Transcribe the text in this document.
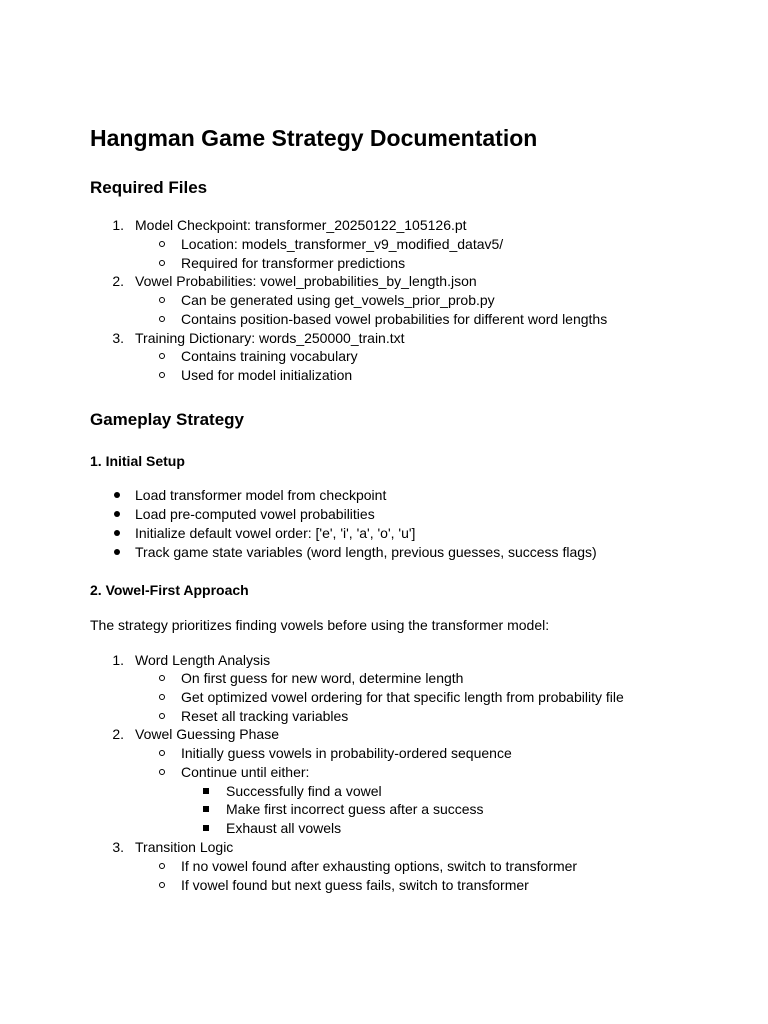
Hangman Game Strategy Documentation
Required Files
1. Model Checkpoint: transformer_20250122_105126.pt
Location: models_transformer_v9_modified_datav5/
Required for transformer predictions
2. Vowel Probabilities: vowel_probabilities_by_length.json
Can be generated using get_vowels_prior_prob.py
Contains position-based vowel probabilities for different word lengths
3. Training Dictionary: words_250000_train.txt
Contains training vocabulary
Used for model initialization
Gameplay Strategy
1. Initial Setup
Load transformer model from checkpoint
Load pre-computed vowel probabilities
Initialize default vowel order: ['e', 'i', 'a', 'o', 'u']
Track game state variables (word length, previous guesses, success flags)
2. Vowel-First Approach

The strategy prioritizes finding vowels before using the transformer model:

1. Word Length Analysis
On first guess for new word, determine length
Get optimized vowel ordering for that specific length from probability file
Reset all tracking variables
2. Vowel Guessing Phase
Initially guess vowels in probability-ordered sequence
Continue until either:
Successfully find a vowel
Make first incorrect guess after a success
Exhaust all vowels
3. Transition Logic
If no vowel found after exhausting options, switch to transformer
If vowel found but next guess fails, switch to transformer
